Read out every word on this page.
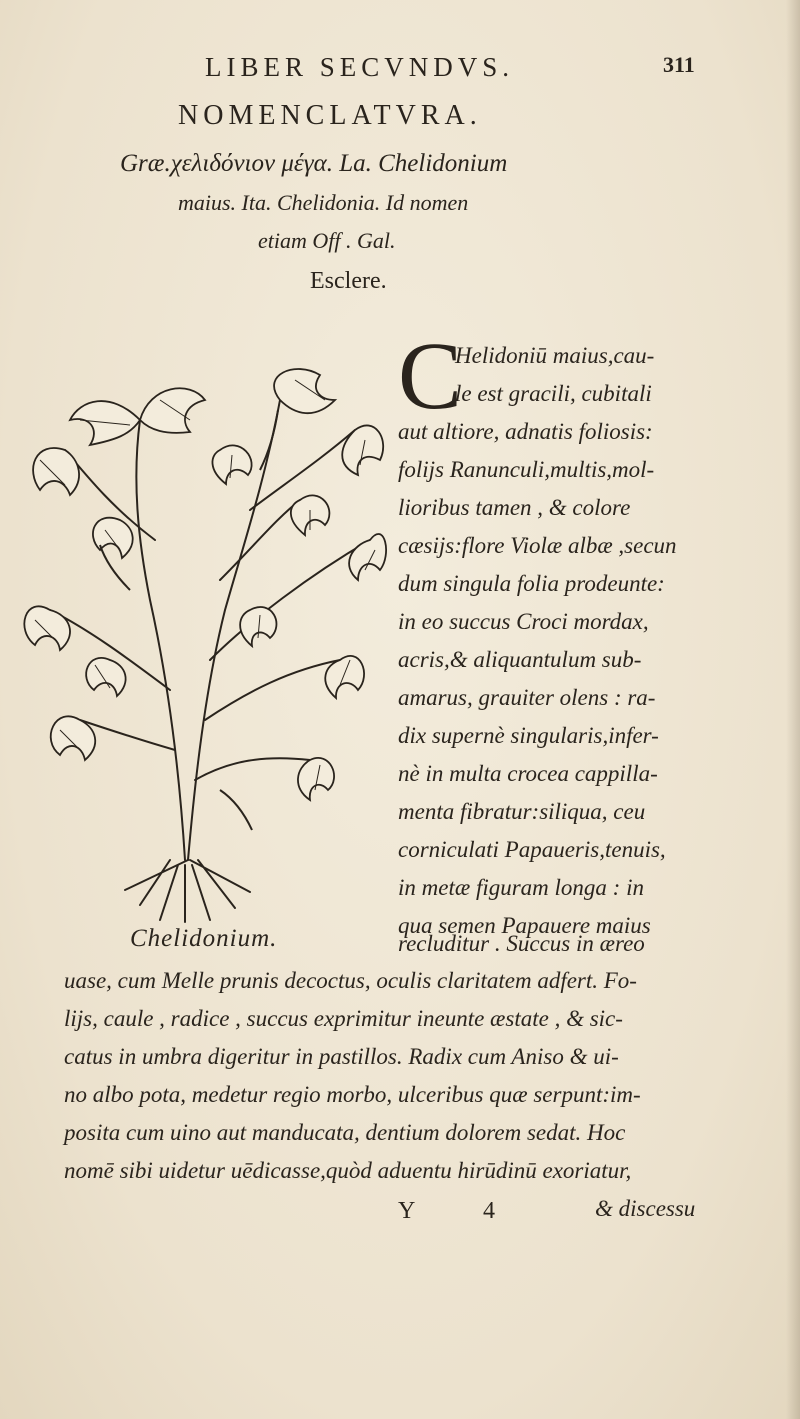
LIBER SECVNDVS.	311
NOMENCLATVRA.
Græ.χελιδόνιον μέγα. La. Chelidonium
maius. Ita. Chelidonia. Id nomen
etiam Off . Gal.
Esclere.
Chelidonium.
C
Helidoniū maius,cau-
le est gracili, cubitali
aut altiore, adnatis foliosis:
folijs Ranunculi,multis,mol-
lioribus tamen , & colore
cæsijs:flore Violæ albæ ,secun
dum singula folia prodeunte:
in eo succus Croci mordax,
acris,& aliquantulum sub-
amarus, grauiter olens : ra-
dix supernè singularis,infer-
nè in multa crocea cappilla-
menta fibratur:siliqua, ceu
corniculati Papaueris,tenuis,
in metæ figuram longa : in
qua semen Papauere maius
recluditur . Succus in æreo
uase, cum Melle prunis decoctus, oculis claritatem adfert. Fo-
lijs, caule , radice , succus exprimitur ineunte æstate , & sic-
catus in umbra digeritur in pastillos. Radix cum Aniso & ui-
no albo pota, medetur regio morbo, ulceribus quæ serpunt:im-
posita cum uino aut manducata, dentium dolorem sedat. Hoc
nomē sibi uidetur uēdicasse,quòd aduentu hirūdinū exoriatur,
Y	4	& discessu
